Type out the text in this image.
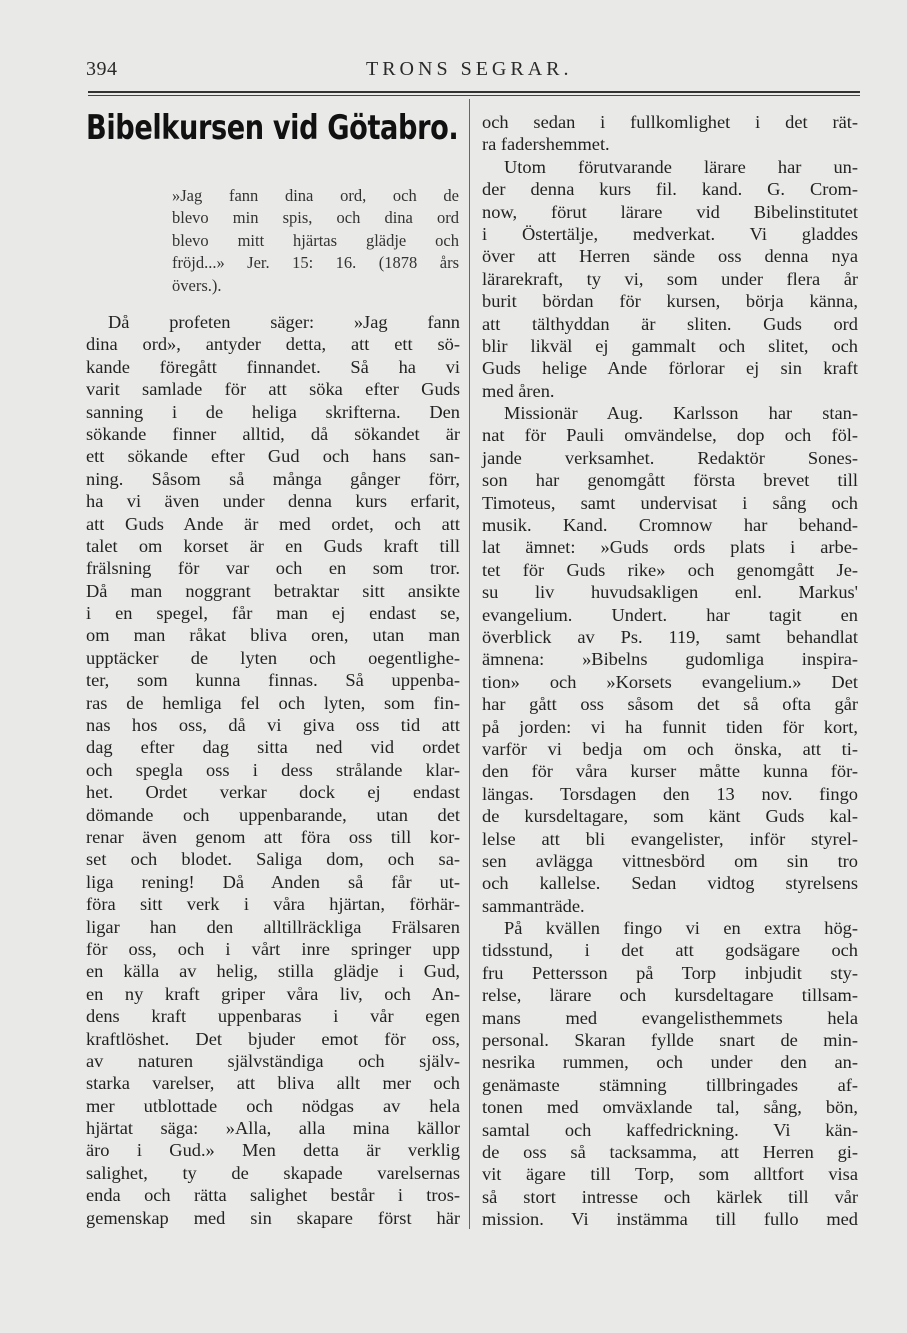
394	TRONS SEGRAR.
Bibelkursen vid Götabro.
»Jag fann dina ord, och de
blevo min spis, och dina ord
blevo mitt hjärtas glädje och
fröjd...» Jer. 15: 16. (1878 års
övers.).
Då profeten säger: »Jag fann
dina ord», antyder detta, att ett sö-
kande föregått finnandet. Så ha vi
varit samlade för att söka efter Guds
sanning i de heliga skrifterna. Den
sökande finner alltid, då sökandet är
ett sökande efter Gud och hans san-
ning. Såsom så många gånger förr,
ha vi även under denna kurs erfarit,
att Guds Ande är med ordet, och att
talet om korset är en Guds kraft till
frälsning för var och en som tror.
Då man noggrant betraktar sitt ansikte
i en spegel, får man ej endast se,
om man råkat bliva oren, utan man
upptäcker de lyten och oegentlighe-
ter, som kunna finnas. Så uppenba-
ras de hemliga fel och lyten, som fin-
nas hos oss, då vi giva oss tid att
dag efter dag sitta ned vid ordet
och spegla oss i dess strålande klar-
het. Ordet verkar dock ej endast
dömande och uppenbarande, utan det
renar även genom att föra oss till kor-
set och blodet. Saliga dom, och sa-
liga rening! Då Anden så får ut-
föra sitt verk i våra hjärtan, förhär-
ligar han den alltillräckliga Frälsaren
för oss, och i vårt inre springer upp
en källa av helig, stilla glädje i Gud,
en ny kraft griper våra liv, och An-
dens kraft uppenbaras i vår egen
kraftlöshet. Det bjuder emot för oss,
av naturen självständiga och själv-
starka varelser, att bliva allt mer och
mer utblottade och nödgas av hela
hjärtat säga: »Alla, alla mina källor
äro i Gud.» Men detta är verklig
salighet, ty de skapade varelsernas
enda och rätta salighet består i tros-
gemenskap med sin skapare först här
och sedan i fullkomlighet i det rät-
ra fadershemmet.
Utom förutvarande lärare har un-
der denna kurs fil. kand. G. Crom-
now, förut lärare vid Bibelinstitutet
i Östertälje, medverkat. Vi gladdes
över att Herren sände oss denna nya
lärarekraft, ty vi, som under flera år
burit bördan för kursen, börja känna,
att tälthyddan är sliten. Guds ord
blir likväl ej gammalt och slitet, och
Guds helige Ande förlorar ej sin kraft
med åren.
Missionär Aug. Karlsson har stan-
nat för Pauli omvändelse, dop och föl-
jande verksamhet. Redaktör Sones-
son har genomgått första brevet till
Timoteus, samt undervisat i sång och
musik. Kand. Cromnow har behand-
lat ämnet: »Guds ords plats i arbe-
tet för Guds rike» och genomgått Je-
su liv huvudsakligen enl. Markus'
evangelium. Undert. har tagit en
överblick av Ps. 119, samt behandlat
ämnena: »Bibelns gudomliga inspira-
tion» och »Korsets evangelium.» Det
har gått oss såsom det så ofta går
på jorden: vi ha funnit tiden för kort,
varför vi bedja om och önska, att ti-
den för våra kurser måtte kunna för-
längas. Torsdagen den 13 nov. fingo
de kursdeltagare, som känt Guds kal-
lelse att bli evangelister, inför styrel-
sen avlägga vittnesbörd om sin tro
och kallelse. Sedan vidtog styrelsens
sammanträde.
På kvällen fingo vi en extra hög-
tidsstund, i det att godsägare och
fru Pettersson på Torp inbjudit sty-
relse, lärare och kursdeltagare tillsam-
mans med evangelisthemmets hela
personal. Skaran fyllde snart de min-
nesrika rummen, och under den an-
genämaste stämning tillbringades af-
tonen med omväxlande tal, sång, bön,
samtal och kaffedrickning. Vi kän-
de oss så tacksamma, att Herren gi-
vit ägare till Torp, som alltfort visa
så stort intresse och kärlek till vår
mission. Vi instämma till fullo med
